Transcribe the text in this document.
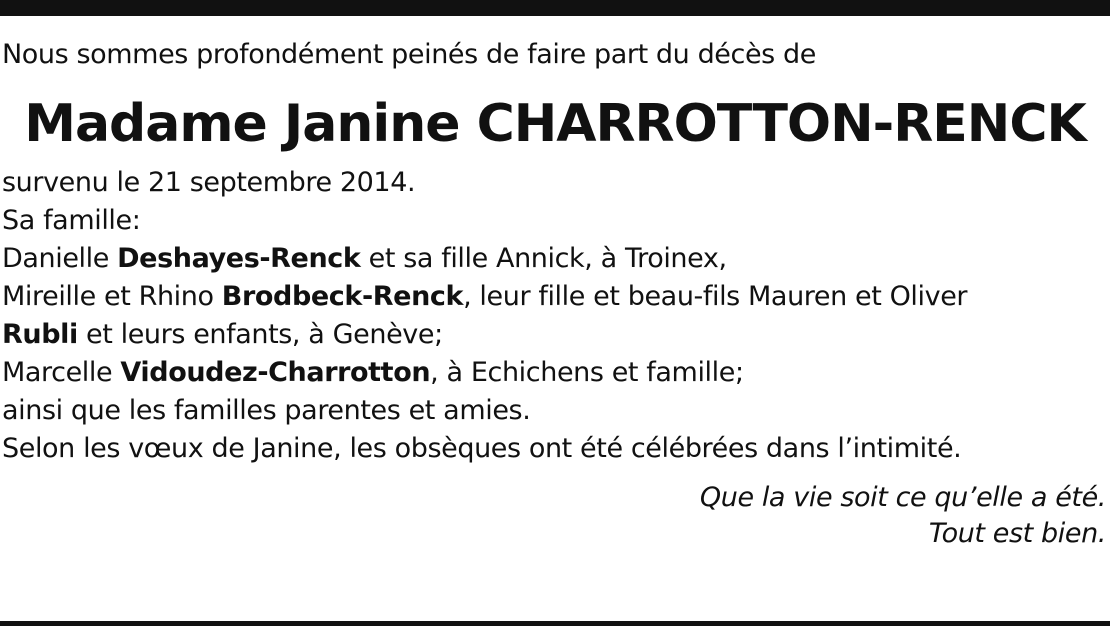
Nous sommes profondément peinés de faire part du décès de
Madame Janine CHARROTTON-RENCK
survenu le 21 septembre 2014.
Sa famille:
Danielle Deshayes-Renck et sa fille Annick, à Troinex,
Mireille et Rhino Brodbeck-Renck, leur fille et beau-fils Mauren et Oliver
Rubli et leurs enfants, à Genève;
Marcelle Vidoudez-Charrotton, à Echichens et famille;
ainsi que les familles parentes et amies.
Selon les vœux de Janine, les obsèques ont été célébrées dans l’intimité.
Que la vie soit ce qu’elle a été.
Tout est bien.
